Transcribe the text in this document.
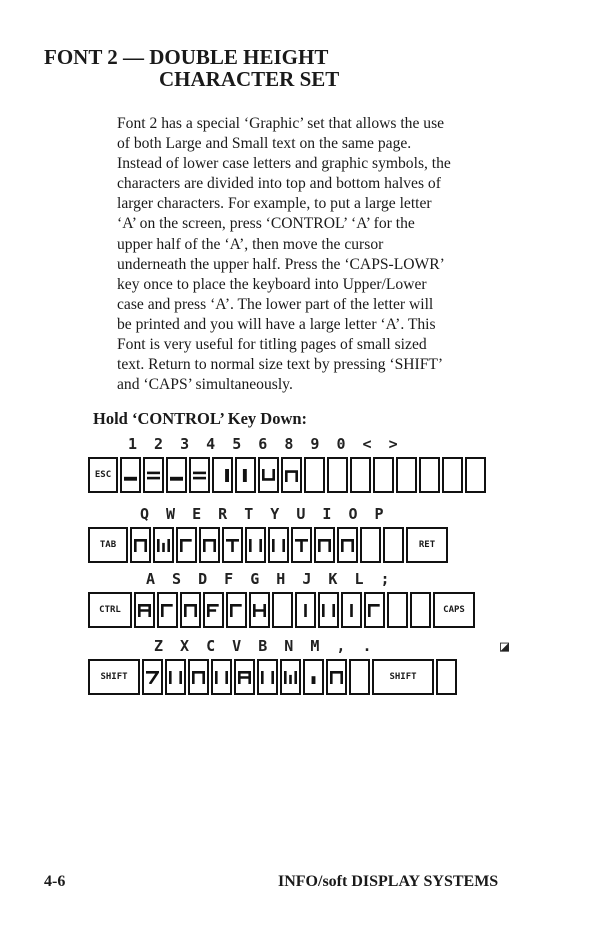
FONT 2 — DOUBLE HEIGHT
CHARACTER SET
Font 2 has a special ‘Graphic’ set that allows the use
of both Large and Small text on the same page.
Instead of lower case letters and graphic symbols, the
characters are divided into top and bottom halves of
larger characters. For example, to put a large letter
‘A’ on the screen, press ‘CONTROL’ ‘A’ for the
upper half of the ‘A’, then move the cursor
underneath the upper half. Press the ‘CAPS-LOWR’
key once to place the keyboard into Upper/Lower
case and press ‘A’. The lower part of the letter will
be printed and you will have a large letter ‘A’. This
Font is very useful for titling pages of small sized
text. Return to normal size text by pressing ‘SHIFT’
and ‘CAPS’ simultaneously.
Hold ‘CONTROL’ Key Down:
1 2 3 4 5 6 8 9 0 < >
ESC
Q W E R T Y U I O P
TAB	RET
A S D F G H J K L ;
CTRL	CAPS
Z X C V B N M , .	◪
SHIFT	SHIFT
4-6	INFO/soft DISPLAY SYSTEMS
